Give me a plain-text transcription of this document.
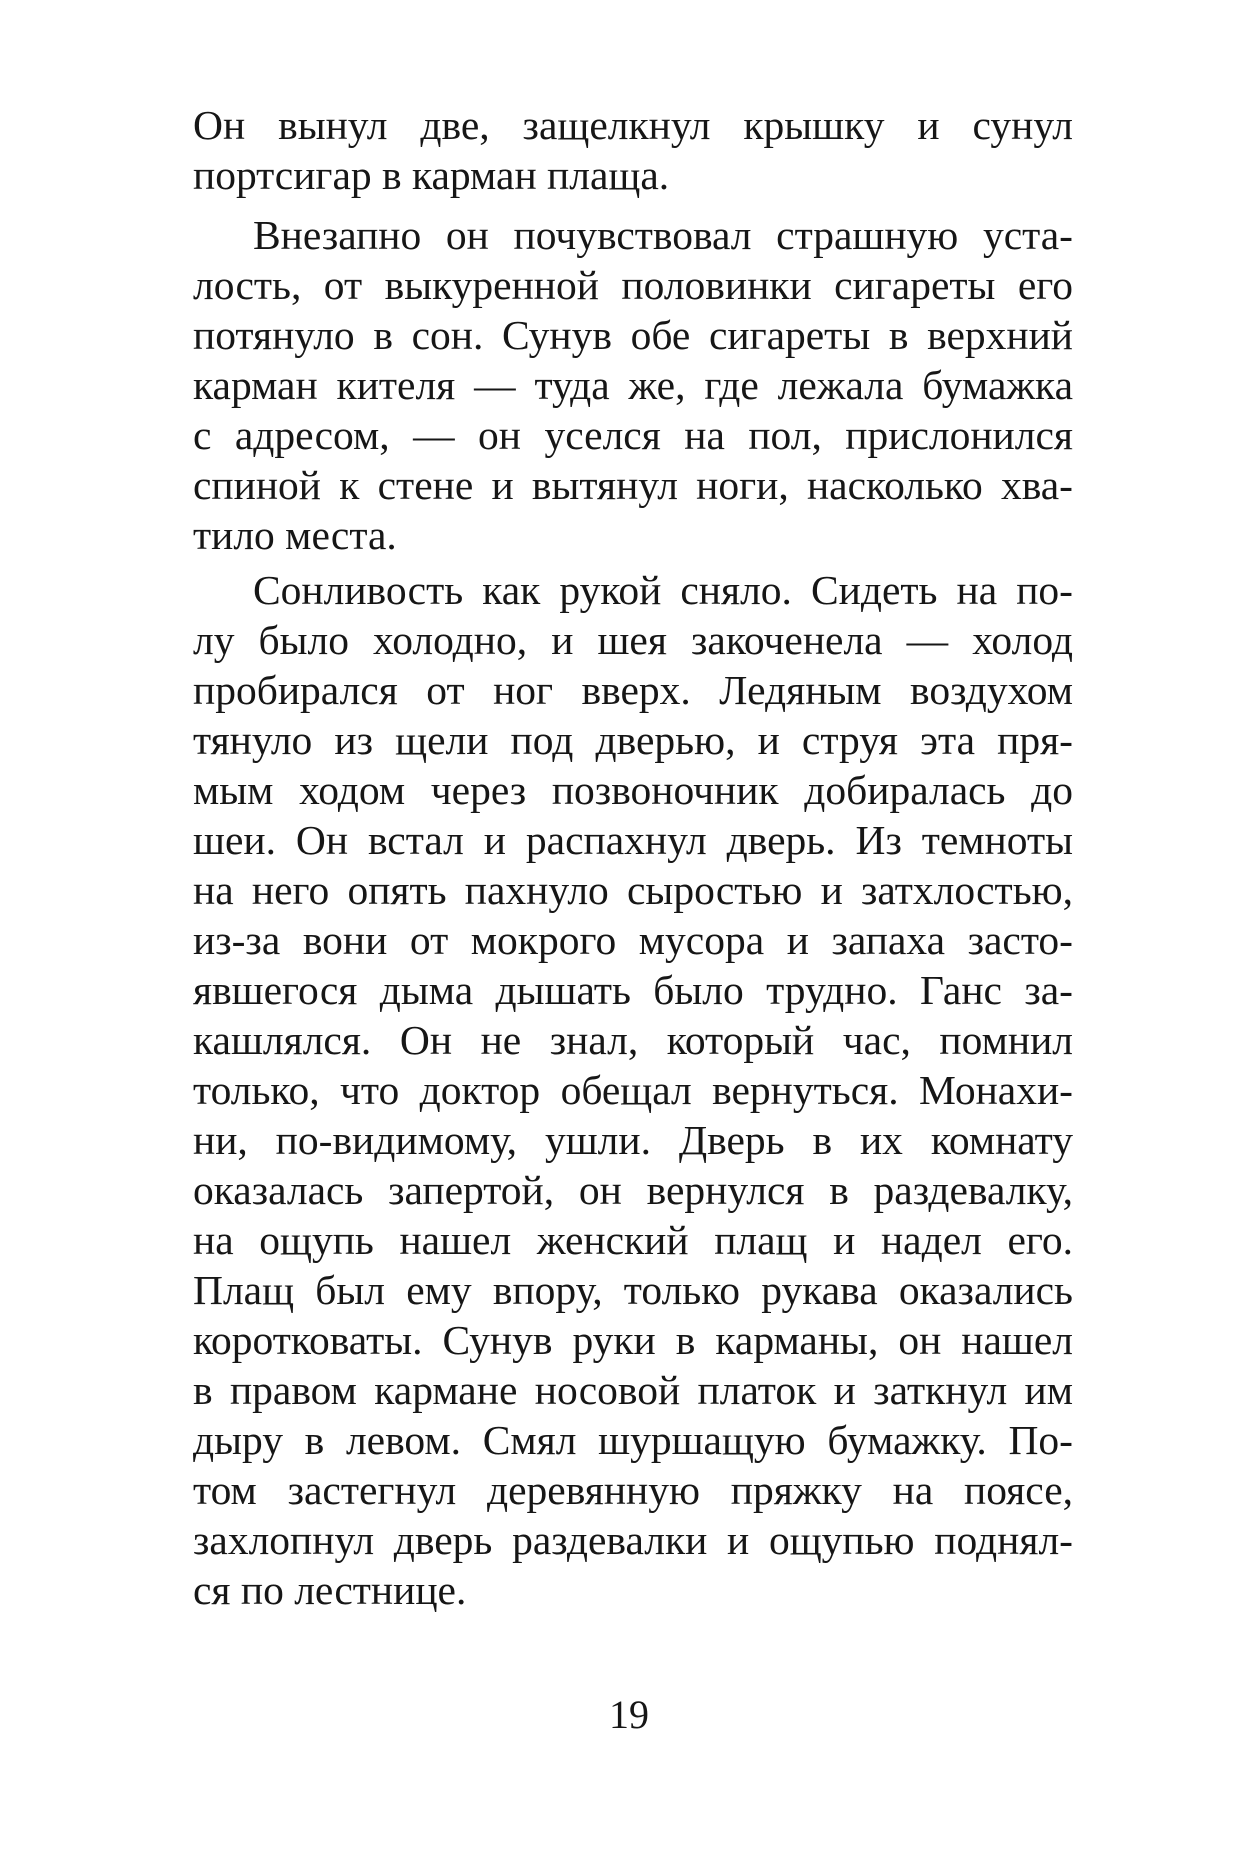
Он вынул две, защелкнул крышку и сунул
портсигар в карман плаща.
Внезапно он почувствовал страшную уста-
лость, от выкуренной половинки сигареты его
потянуло в сон. Сунув обе сигареты в верхний
карман кителя — туда же, где лежала бумажка
с адресом, — он уселся на пол, прислонился
спиной к стене и вытянул ноги, насколько хва-
тило места.
Сонливость как рукой сняло. Сидеть на по-
лу было холодно, и шея закоченела — холод
пробирался от ног вверх. Ледяным воздухом
тянуло из щели под дверью, и струя эта пря-
мым ходом через позвоночник добиралась до
шеи. Он встал и распахнул дверь. Из темноты
на него опять пахнуло сыростью и затхлостью,
из-за вони от мокрого мусора и запаха засто-
явшегося дыма дышать было трудно. Ганс за-
кашлялся. Он не знал, который час, помнил
только, что доктор обещал вернуться. Монахи-
ни, по-видимому, ушли. Дверь в их комнату
оказалась запертой, он вернулся в раздевалку,
на ощупь нашел женский плащ и надел его.
Плащ был ему впору, только рукава оказались
коротковаты. Сунув руки в карманы, он нашел
в правом кармане носовой платок и заткнул им
дыру в левом. Смял шуршащую бумажку. По-
том застегнул деревянную пряжку на поясе,
захлопнул дверь раздевалки и ощупью поднял-
ся по лестнице.
19
